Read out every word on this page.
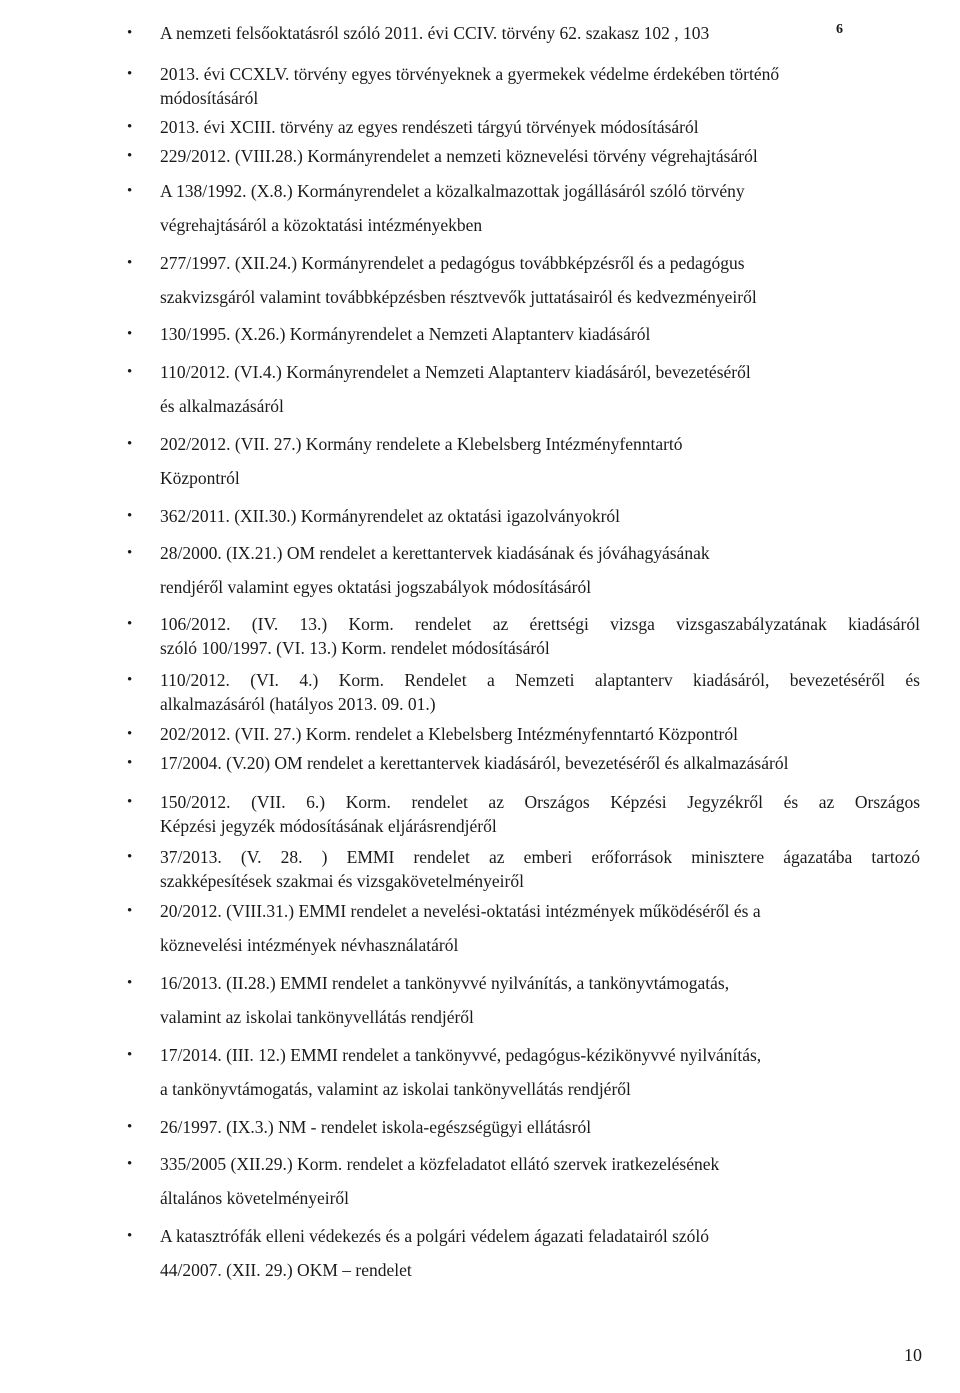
6
•
A nemzeti felsőoktatásról szóló 2011. évi CCIV. törvény 62. szakasz 102 , 103
•
2013. évi CCXLV. törvény egyes törvényeknek a gyermekek védelme érdekében történő
módosításáról
•
2013. évi XCIII. törvény az egyes rendészeti tárgyú törvények módosításáról
•
229/2012. (VIII.28.) Kormányrendelet a nemzeti köznevelési törvény végrehajtásáról
•
A 138/1992. (X.8.) Kormányrendelet a közalkalmazottak jogállásáról szóló törvény
végrehajtásáról a közoktatási intézményekben
•
277/1997. (XII.24.) Kormányrendelet a pedagógus továbbképzésről és a pedagógus
szakvizsgáról valamint továbbképzésben résztvevők juttatásairól és kedvezményeiről
•
130/1995. (X.26.) Kormányrendelet a Nemzeti Alaptanterv kiadásáról
•
110/2012. (VI.4.) Kormányrendelet a Nemzeti Alaptanterv kiadásáról, bevezetéséről
és alkalmazásáról
•
202/2012. (VII. 27.) Kormány rendelete a Klebelsberg Intézményfenntartó
Központról
•
362/2011. (XII.30.) Kormányrendelet az oktatási igazolványokról
•
28/2000. (IX.21.) OM rendelet a kerettantervek kiadásának és jóváhagyásának
rendjéről valamint egyes oktatási jogszabályok módosításáról
•
106/2012. (IV. 13.) Korm. rendelet az érettségi vizsga vizsgaszabályzatának kiadásáról
szóló 100/1997. (VI. 13.) Korm. rendelet módosításáról
•
110/2012. (VI. 4.) Korm. Rendelet a Nemzeti alaptanterv kiadásáról, bevezetéséről és
alkalmazásáról (hatályos 2013. 09. 01.)
•
202/2012. (VII. 27.) Korm. rendelet a Klebelsberg Intézményfenntartó Központról
•
17/2004. (V.20) OM rendelet a kerettantervek kiadásáról, bevezetéséről és alkalmazásáról
•
150/2012. (VII. 6.) Korm. rendelet az Országos Képzési Jegyzékről és az Országos
Képzési jegyzék módosításának eljárásrendjéről
•
37/2013. (V. 28. ) EMMI rendelet az emberi erőforrások minisztere ágazatába tartozó
szakképesítések szakmai és vizsgakövetelményeiről
•
20/2012. (VIII.31.) EMMI rendelet a nevelési-oktatási intézmények működéséről és a
köznevelési intézmények névhasználatáról
•
16/2013. (II.28.) EMMI rendelet a tankönyvvé nyilvánítás, a tankönyvtámogatás,
valamint az iskolai tankönyvellátás rendjéről
•
17/2014. (III. 12.) EMMI rendelet a tankönyvvé, pedagógus-kézikönyvvé nyilvánítás,
a tankönyvtámogatás, valamint az iskolai tankönyvellátás rendjéről
•
26/1997. (IX.3.) NM - rendelet iskola-egészségügyi ellátásról
•
335/2005 (XII.29.) Korm. rendelet a közfeladatot ellátó szervek iratkezelésének
általános követelményeiről
•
A katasztrófák elleni védekezés és a polgári védelem ágazati feladatairól szóló
44/2007. (XII. 29.) OKM – rendelet
10
